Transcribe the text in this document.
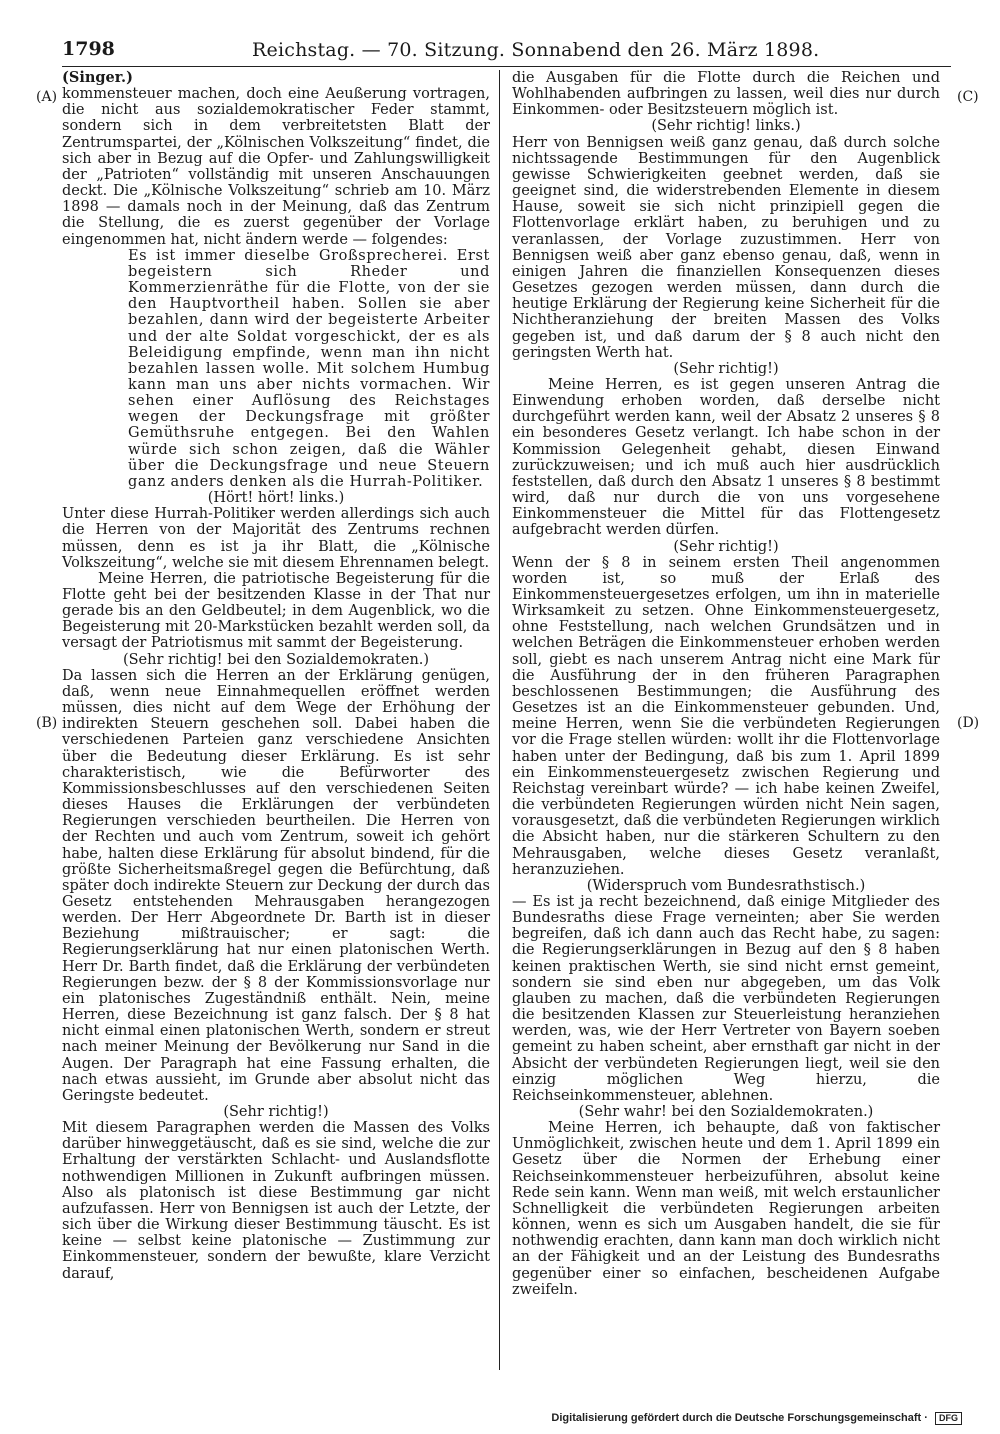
1798	Reichstag. — 70. Sitzung. Sonnabend den 26. März 1898.
(A)
(B)
(C)
(D)

(Singer.)

kommensteuer machen, doch eine Aeußerung vortragen, die nicht aus sozialdemokratischer Feder stammt, sondern sich in dem verbreitetsten Blatt der Zentrumspartei, der „Kölnischen Volkszeitung“ findet, die sich aber in Bezug auf die Opfer- und Zahlungswilligkeit der „Patrioten“ vollständig mit unseren Anschauungen deckt. Die „Kölnische Volkszeitung“ schrieb am 10. März 1898 — damals noch in der Meinung, daß das Zentrum die Stellung, die es zuerst gegenüber der Vorlage eingenommen hat, nicht ändern werde — folgendes:

Es ist immer dieselbe Großsprecherei. Erst begeistern sich Rheder und Kommerzienräthe für die Flotte, von der sie den Hauptvortheil haben. Sollen sie aber bezahlen, dann wird der begeisterte Arbeiter und der alte Soldat vorgeschickt, der es als Beleidigung empfinde, wenn man ihn nicht bezahlen lassen wolle. Mit solchem Humbug kann man uns aber nichts vormachen. Wir sehen einer Auflösung des Reichstages wegen der Deckungsfrage mit größter Gemüthsruhe entgegen. Bei den Wahlen würde sich schon zeigen, daß die Wähler über die Deckungsfrage und neue Steuern ganz anders denken als die Hurrah-Politiker.

(Hört! hört! links.)

Unter diese Hurrah-Politiker werden allerdings sich auch die Herren von der Majorität des Zentrums rechnen müssen, denn es ist ja ihr Blatt, die „Kölnische Volkszeitung“, welche sie mit diesem Ehrennamen belegt.

Meine Herren, die patriotische Begeisterung für die Flotte geht bei der besitzenden Klasse in der That nur gerade bis an den Geldbeutel; in dem Augenblick, wo die Begeisterung mit 20-Markstücken bezahlt werden soll, da versagt der Patriotismus mit sammt der Begeisterung.

(Sehr richtig! bei den Sozialdemokraten.)

Da lassen sich die Herren an der Erklärung genügen, daß, wenn neue Einnahmequellen eröffnet werden müssen, dies nicht auf dem Wege der Erhöhung der indirekten Steuern geschehen soll. Dabei haben die verschiedenen Parteien ganz verschiedene Ansichten über die Bedeutung dieser Erklärung. Es ist sehr charakteristisch, wie die Befürworter des Kommissionsbeschlusses auf den verschiedenen Seiten dieses Hauses die Erklärungen der verbündeten Regierungen verschieden beurtheilen. Die Herren von der Rechten und auch vom Zentrum, soweit ich gehört habe, halten diese Erklärung für absolut bindend, für die größte Sicherheitsmaßregel gegen die Befürchtung, daß später doch indirekte Steuern zur Deckung der durch das Gesetz entstehenden Mehrausgaben herangezogen werden. Der Herr Abgeordnete Dr. Barth ist in dieser Beziehung mißtrauischer; er sagt: die Regierungserklärung hat nur einen platonischen Werth. Herr Dr. Barth findet, daß die Erklärung der verbündeten Regierungen bezw. der § 8 der Kommissionsvorlage nur ein platonisches Zugeständniß enthält. Nein, meine Herren, diese Bezeichnung ist ganz falsch. Der § 8 hat nicht einmal einen platonischen Werth, sondern er streut nach meiner Meinung der Bevölkerung nur Sand in die Augen. Der Paragraph hat eine Fassung erhalten, die nach etwas aussieht, im Grunde aber absolut nicht das Geringste bedeutet.

(Sehr richtig!)

Mit diesem Paragraphen werden die Massen des Volks darüber hinweggetäuscht, daß es sie sind, welche die zur Erhaltung der verstärkten Schlacht- und Auslandsflotte nothwendigen Millionen in Zukunft aufbringen müssen. Also als platonisch ist diese Bestimmung gar nicht aufzufassen. Herr von Bennigsen ist auch der Letzte, der sich über die Wirkung dieser Bestimmung täuscht. Es ist keine — selbst keine platonische — Zustimmung zur Einkommensteuer, sondern der bewußte, klare Verzicht darauf,

die Ausgaben für die Flotte durch die Reichen und Wohlhabenden aufbringen zu lassen, weil dies nur durch Einkommen- oder Besitzsteuern möglich ist.

(Sehr richtig! links.)

Herr von Bennigsen weiß ganz genau, daß durch solche nichtssagende Bestimmungen für den Augenblick gewisse Schwierigkeiten geebnet werden, daß sie geeignet sind, die widerstrebenden Elemente in diesem Hause, soweit sie sich nicht prinzipiell gegen die Flottenvorlage erklärt haben, zu beruhigen und zu veranlassen, der Vorlage zuzustimmen. Herr von Bennigsen weiß aber ganz ebenso genau, daß, wenn in einigen Jahren die finanziellen Konsequenzen dieses Gesetzes gezogen werden müssen, dann durch die heutige Erklärung der Regierung keine Sicherheit für die Nichtheranziehung der breiten Massen des Volks gegeben ist, und daß darum der § 8 auch nicht den geringsten Werth hat.

(Sehr richtig!)

Meine Herren, es ist gegen unseren Antrag die Einwendung erhoben worden, daß derselbe nicht durchgeführt werden kann, weil der Absatz 2 unseres § 8 ein besonderes Gesetz verlangt. Ich habe schon in der Kommission Gelegenheit gehabt, diesen Einwand zurückzuweisen; und ich muß auch hier ausdrücklich feststellen, daß durch den Absatz 1 unseres § 8 bestimmt wird, daß nur durch die von uns vorgesehene Einkommensteuer die Mittel für das Flottengesetz aufgebracht werden dürfen.

(Sehr richtig!)

Wenn der § 8 in seinem ersten Theil angenommen worden ist, so muß der Erlaß des Einkommensteuergesetzes erfolgen, um ihn in materielle Wirksamkeit zu setzen. Ohne Einkommensteuergesetz, ohne Feststellung, nach welchen Grundsätzen und in welchen Beträgen die Einkommensteuer erhoben werden soll, giebt es nach unserem Antrag nicht eine Mark für die Ausführung der in den früheren Paragraphen beschlossenen Bestimmungen; die Ausführung des Gesetzes ist an die Einkommensteuer gebunden. Und, meine Herren, wenn Sie die verbündeten Regierungen vor die Frage stellen würden: wollt ihr die Flottenvorlage haben unter der Bedingung, daß bis zum 1. April 1899 ein Einkommensteuergesetz zwischen Regierung und Reichstag vereinbart würde? — ich habe keinen Zweifel, die verbündeten Regierungen würden nicht Nein sagen, vorausgesetzt, daß die verbündeten Regierungen wirklich die Absicht haben, nur die stärkeren Schultern zu den Mehrausgaben, welche dieses Gesetz veranlaßt, heranzuziehen.

(Widerspruch vom Bundesrathstisch.)

— Es ist ja recht bezeichnend, daß einige Mitglieder des Bundesraths diese Frage verneinten; aber Sie werden begreifen, daß ich dann auch das Recht habe, zu sagen: die Regierungserklärungen in Bezug auf den § 8 haben keinen praktischen Werth, sie sind nicht ernst gemeint, sondern sie sind eben nur abgegeben, um das Volk glauben zu machen, daß die verbündeten Regierungen die besitzenden Klassen zur Steuerleistung heranziehen werden, was, wie der Herr Vertreter von Bayern soeben gemeint zu haben scheint, aber ernsthaft gar nicht in der Absicht der verbündeten Regierungen liegt, weil sie den einzig möglichen Weg hierzu, die Reichseinkommensteuer, ablehnen.

(Sehr wahr! bei den Sozialdemokraten.)

Meine Herren, ich behaupte, daß von faktischer Unmöglichkeit, zwischen heute und dem 1. April 1899 ein Gesetz über die Normen der Erhebung einer Reichseinkommensteuer herbeizuführen, absolut keine Rede sein kann. Wenn man weiß, mit welch erstaunlicher Schnelligkeit die verbündeten Regierungen arbeiten können, wenn es sich um Ausgaben handelt, die sie für nothwendig erachten, dann kann man doch wirklich nicht an der Fähigkeit und an der Leistung des Bundesraths gegenüber einer so einfachen, bescheidenen Aufgabe zweifeln.

Digitalisierung gefördert durch die Deutsche Forschungsgemeinschaft · DFG
